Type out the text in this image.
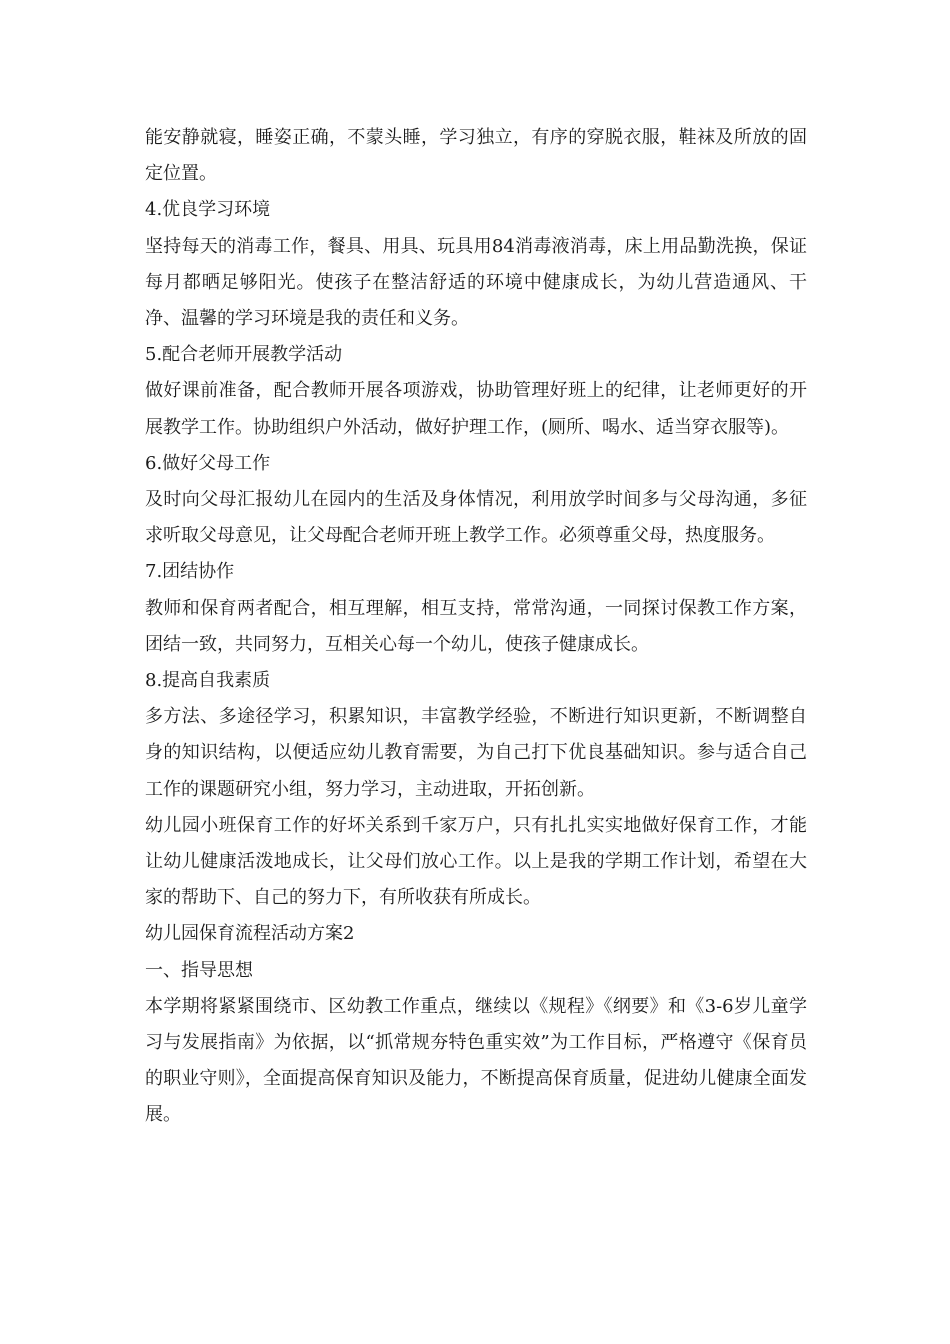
能安静就寝，睡姿正确，不蒙头睡，学习独立，有序的穿脱衣服，鞋袜及所放的固定位置。

4.优良学习环境

坚持每天的消毒工作，餐具、用具、玩具用84消毒液消毒，床上用品勤洗换，保证每月都晒足够阳光。使孩子在整洁舒适的环境中健康成长，为幼儿营造通风、干净、温馨的学习环境是我的责任和义务。

5.配合老师开展教学活动

做好课前准备，配合教师开展各项游戏，协助管理好班上的纪律，让老师更好的开展教学工作。协助组织户外活动，做好护理工作，(厕所、喝水、适当穿衣服等)。

6.做好父母工作

及时向父母汇报幼儿在园内的生活及身体情况，利用放学时间多与父母沟通，多征求听取父母意见，让父母配合老师开班上教学工作。必须尊重父母，热度服务。

7.团结协作

教师和保育两者配合，相互理解，相互支持，常常沟通，一同探讨保教工作方案，团结一致，共同努力，互相关心每一个幼儿，使孩子健康成长。

8.提高自我素质

多方法、多途径学习，积累知识，丰富教学经验，不断进行知识更新，不断调整自身的知识结构，以便适应幼儿教育需要，为自己打下优良基础知识。参与适合自己工作的课题研究小组，努力学习，主动进取，开拓创新。

幼儿园小班保育工作的好坏关系到千家万户，只有扎扎实实地做好保育工作，才能让幼儿健康活泼地成长，让父母们放心工作。以上是我的学期工作计划，希望在大家的帮助下、自己的努力下，有所收获有所成长。

幼儿园保育流程活动方案2

一、指导思想

本学期将紧紧围绕市、区幼教工作重点，继续以《规程》《纲要》和《3-6岁儿童学习与发展指南》为依据，以“抓常规夯特色重实效”为工作目标，严格遵守《保育员的职业守则》，全面提高保育知识及能力，不断提高保育质量，促进幼儿健康全面发展。
